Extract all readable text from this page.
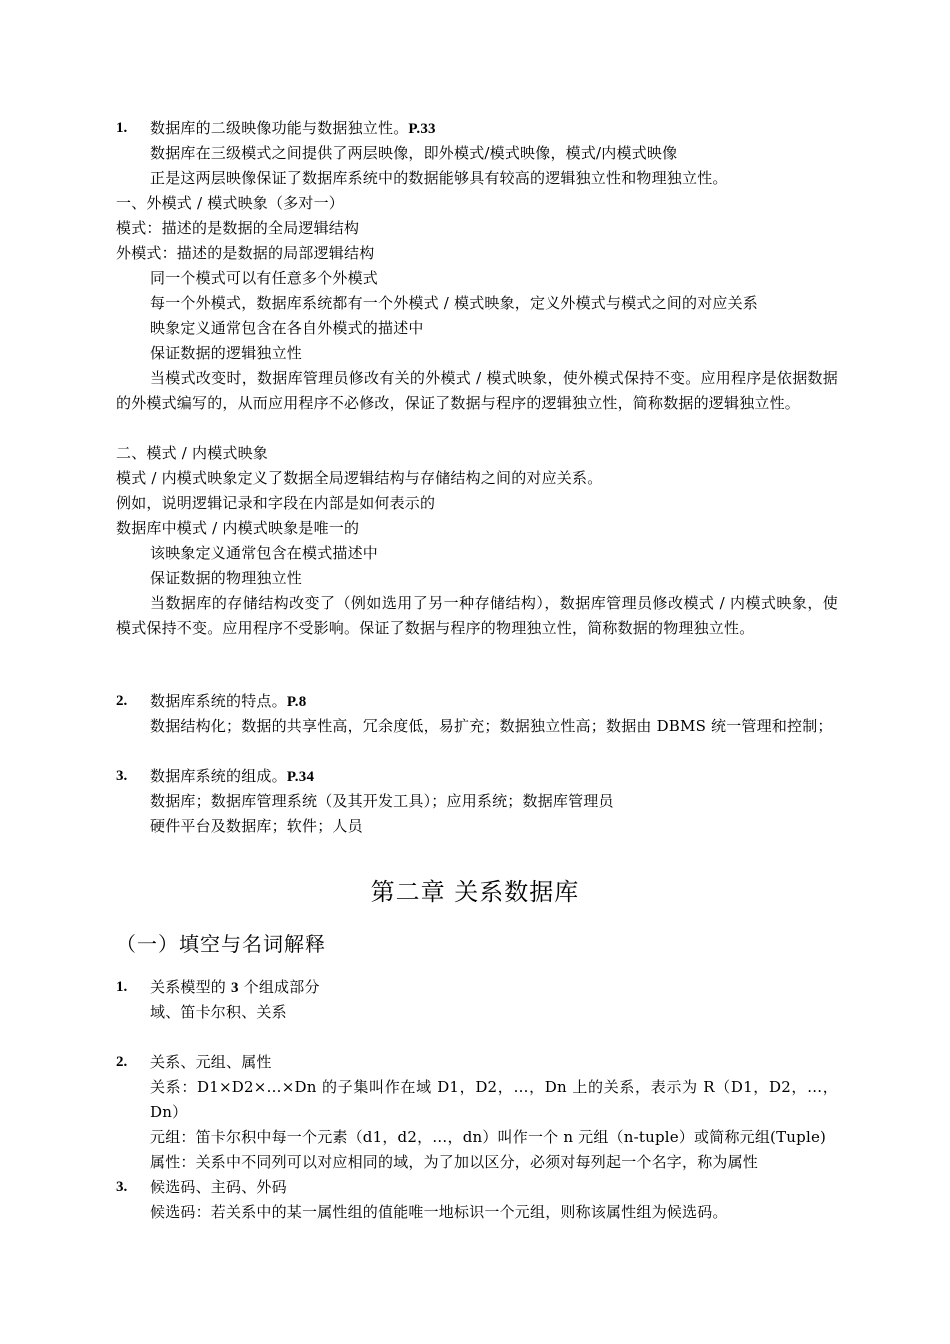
1. 数据库的二级映像功能与数据独立性。P.33
数据库在三级模式之间提供了两层映像，即外模式/模式映像，模式/内模式映像
正是这两层映像保证了数据库系统中的数据能够具有较高的逻辑独立性和物理独立性。
一、外模式 / 模式映象（多对一）
模式：描述的是数据的全局逻辑结构
外模式：描述的是数据的局部逻辑结构
同一个模式可以有任意多个外模式
每一个外模式，数据库系统都有一个外模式 / 模式映象，定义外模式与模式之间的对应关系
映象定义通常包含在各自外模式的描述中
保证数据的逻辑独立性
当模式改变时，数据库管理员修改有关的外模式 / 模式映象，使外模式保持不变。应用程序是依据数据的外模式编写的，从而应用程序不必修改，保证了数据与程序的逻辑独立性，简称数据的逻辑独立性。
二、模式 / 内模式映象
模式 / 内模式映象定义了数据全局逻辑结构与存储结构之间的对应关系。
例如，说明逻辑记录和字段在内部是如何表示的
数据库中模式 / 内模式映象是唯一的
该映象定义通常包含在模式描述中
保证数据的物理独立性
当数据库的存储结构改变了（例如选用了另一种存储结构），数据库管理员修改模式 / 内模式映象，使模式保持不变。应用程序不受影响。保证了数据与程序的物理独立性，简称数据的物理独立性。
2. 数据库系统的特点。P.8
数据结构化；数据的共享性高，冗余度低，易扩充；数据独立性高；数据由 DBMS 统一管理和控制；
3. 数据库系统的组成。P.34
数据库；数据库管理系统（及其开发工具）；应用系统；数据库管理员
硬件平台及数据库；软件；人员
第二章 关系数据库
（一）填空与名词解释
1. 关系模型的 3 个组成部分
域、笛卡尔积、关系
2. 关系、元组、属性
关系：D1×D2×…×Dn 的子集叫作在域 D1，D2，…，Dn 上的关系，表示为 R（D1，D2，…，Dn）
元组：笛卡尔积中每一个元素（d1，d2，…，dn）叫作一个 n 元组（n-tuple）或简称元组(Tuple)
属性：关系中不同列可以对应相同的域，为了加以区分，必须对每列起一个名字，称为属性
3. 候选码、主码、外码
候选码：若关系中的某一属性组的值能唯一地标识一个元组，则称该属性组为候选码。
